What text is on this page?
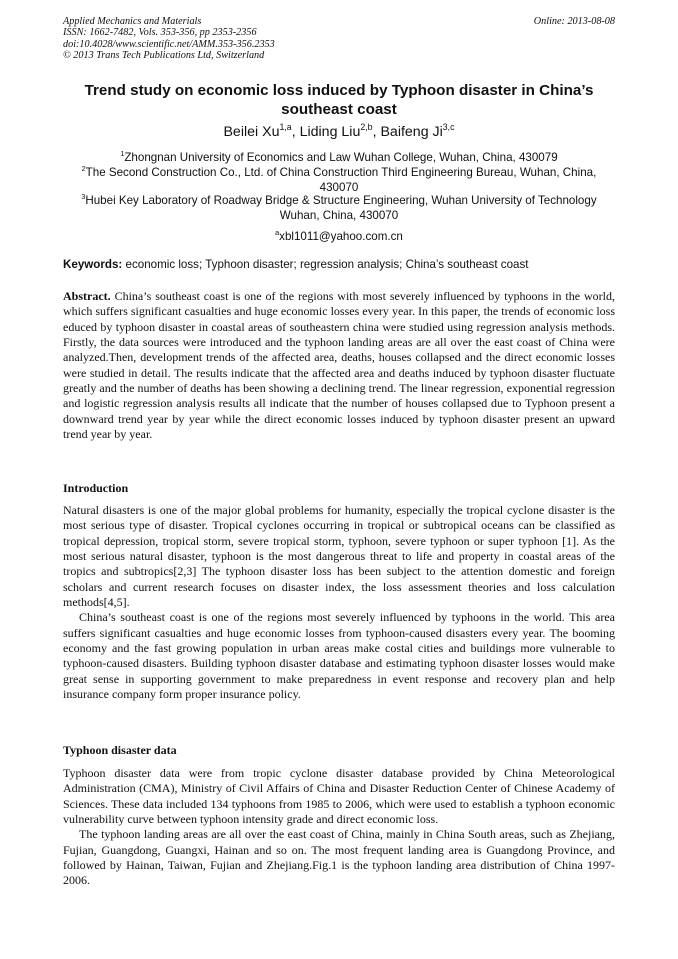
Applied Mechanics and Materials
ISSN: 1662-7482, Vols. 353-356, pp 2353-2356
doi:10.4028/www.scientific.net/AMM.353-356.2353
© 2013 Trans Tech Publications Ltd, Switzerland
Online: 2013-08-08
Trend study on economic loss induced by Typhoon disaster in China’s southeast coast
Beilei Xu$^{1,a}$, Liding Liu$^{2,b}$, Baifeng Ji$^{3,c}$
$^1$Zhongnan University of Economics and Law Wuhan College, Wuhan, China, 430079
$^2$The Second Construction Co., Ltd. of China Construction Third Engineering Bureau, Wuhan, China, 430070
$^3$Hubei Key Laboratory of Roadway Bridge & Structure Engineering, Wuhan University of Technology Wuhan, China, 430070
$^a$xbl1011@yahoo.com.cn
Keywords: economic loss; Typhoon disaster; regression analysis; China’s southeast coast

Abstract. China’s southeast coast is one of the regions with most severely influenced by typhoons in the world, which suffers significant casualties and huge economic losses every year. In this paper, the trends of economic loss educed by typhoon disaster in coastal areas of southeastern china were studied using regression analysis methods. Firstly, the data sources were introduced and the typhoon landing areas are all over the east coast of China were analyzed.Then, development trends of the affected area, deaths, houses collapsed and the direct economic losses were studied in detail. The results indicate that the affected area and deaths induced by typhoon disaster fluctuate greatly and the number of deaths has been showing a declining trend. The linear regression, exponential regression and logistic regression analysis results all indicate that the number of houses collapsed due to Typhoon present a downward trend year by year while the direct economic losses induced by typhoon disaster present an upward trend year by year.

Introduction

Natural disasters is one of the major global problems for humanity, especially the tropical cyclone disaster is the most serious type of disaster. Tropical cyclones occurring in tropical or subtropical oceans can be classified as tropical depression, tropical storm, severe tropical storm, typhoon, severe typhoon or super typhoon [1]. As the most serious natural disaster, typhoon is the most dangerous threat to life and property in coastal areas of the tropics and subtropics[2,3] The typhoon disaster loss has been subject to the attention domestic and foreign scholars and current research focuses on disaster index, the loss assessment theories and loss calculation methods[4,5].

China’s southeast coast is one of the regions most severely influenced by typhoons in the world. This area suffers significant casualties and huge economic losses from typhoon-caused disasters every year. The booming economy and the fast growing population in urban areas make costal cities and buildings more vulnerable to typhoon-caused disasters. Building typhoon disaster database and estimating typhoon disaster losses would make great sense in supporting government to make preparedness in event response and recovery plan and help insurance company form proper insurance policy.

Typhoon disaster data

Typhoon disaster data were from tropic cyclone disaster database provided by China Meteorological Administration (CMA), Ministry of Civil Affairs of China and Disaster Reduction Center of Chinese Academy of Sciences. These data included 134 typhoons from 1985 to 2006, which were used to establish a typhoon economic vulnerability curve between typhoon intensity grade and direct economic loss.

The typhoon landing areas are all over the east coast of China, mainly in China South areas, such as Zhejiang, Fujian, Guangdong, Guangxi, Hainan and so on. The most frequent landing area is Guangdong Province, and followed by Hainan, Taiwan, Fujian and Zhejiang.Fig.1 is the typhoon landing area distribution of China 1997-2006.
